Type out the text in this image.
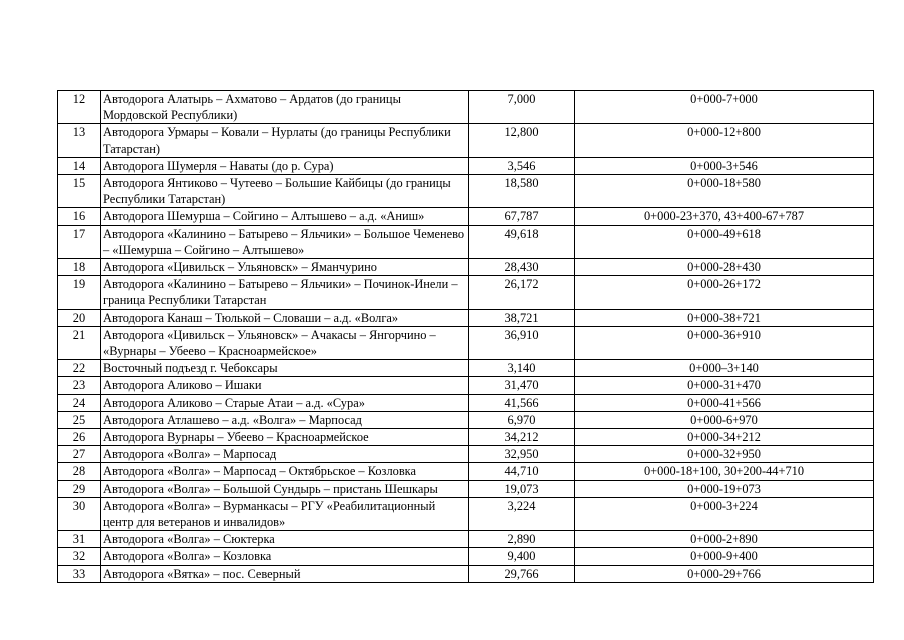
12	Автодорога Алатырь – Ахматово – Ардатов (до границы Мордовской Республики)	7,000	0+000-7+000
13	Автодорога Урмары – Ковали – Нурлаты (до границы Республики Татарстан)	12,800	0+000-12+800
14	Автодорога Шумерля – Наваты (до р. Сура)	3,546	0+000-3+546
15	Автодорога Янтиково – Чутеево – Большие Кайбицы (до границы Республики Татарстан)	18,580	0+000-18+580
16	Автодорога Шемурша – Сойгино – Алтышево – а.д. «Аниш»	67,787	0+000-23+370, 43+400-67+787
17	Автодорога «Калинино – Батырево – Яльчики» – Большое Чеменево – «Шемурша – Сойгино – Алтышево»	49,618	0+000-49+618
18	Автодорога «Цивильск – Ульяновск» – Яманчурино	28,430	0+000-28+430
19	Автодорога «Калинино – Батырево – Яльчики» – Починок-Инели – граница Республики Татарстан	26,172	0+000-26+172
20	Автодорога Канаш – Тюлькой – Словаши – а.д. «Волга»	38,721	0+000-38+721
21	Автодорога «Цивильск – Ульяновск» – Ачакасы – Янгорчино – «Вурнары – Убеево – Красноармейское»	36,910	0+000-36+910
22	Восточный подъезд г. Чебоксары	3,140	0+000–3+140
23	Автодорога Аликово – Ишаки	31,470	0+000-31+470
24	Автодорога Аликово – Старые Атаи – а.д. «Сура»	41,566	0+000-41+566
25	Автодорога Атлашево – а.д. «Волга» – Марпосад	6,970	0+000-6+970
26	Автодорога Вурнары – Убеево – Красноармейское	34,212	0+000-34+212
27	Автодорога «Волга» – Марпосад	32,950	0+000-32+950
28	Автодорога «Волга» – Марпосад – Октябрьское – Козловка	44,710	0+000-18+100, 30+200-44+710
29	Автодорога «Волга» – Большой Сундырь – пристань Шешкары	19,073	0+000-19+073
30	Автодорога «Волга» – Вурманкасы – РГУ «Реабилитационный центр для ветеранов и инвалидов»	3,224	0+000-3+224
31	Автодорога «Волга» – Сюктерка	2,890	0+000-2+890
32	Автодорога «Волга» – Козловка	9,400	0+000-9+400
33	Автодорога «Вятка» – пос. Северный	29,766	0+000-29+766
